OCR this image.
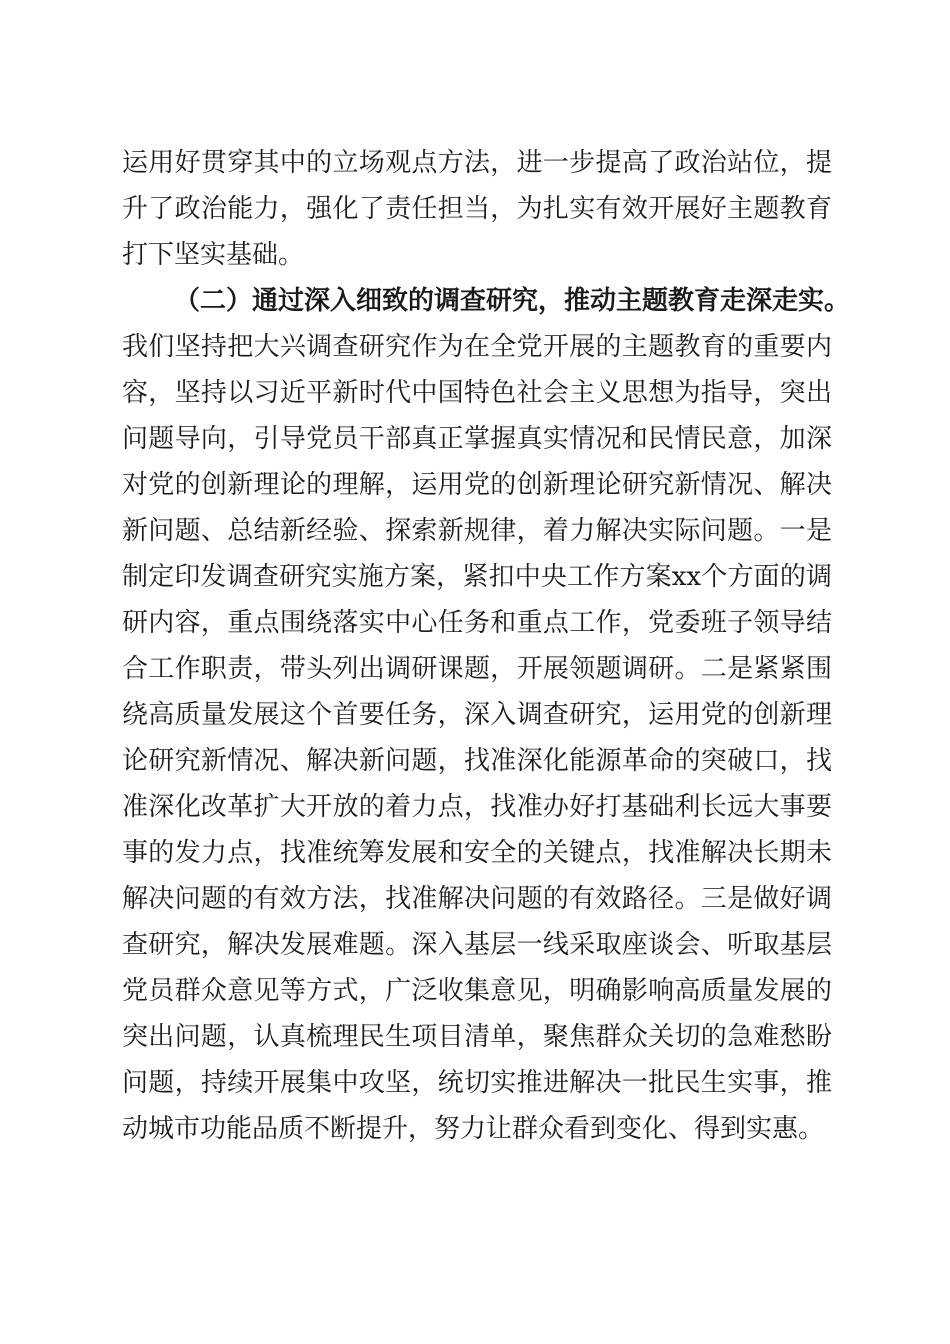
运用好贯穿其中的立场观点方法，进一步提高了政治站位，提
升了政治能力，强化了责任担当，为扎实有效开展好主题教育
打下坚实基础。
（二）通过深入细致的调查研究，推动主题教育走深走实。
我们坚持把大兴调查研究作为在全党开展的主题教育的重要内
容，坚持以习近平新时代中国特色社会主义思想为指导，突出
问题导向，引导党员干部真正掌握真实情况和民情民意，加深
对党的创新理论的理解，运用党的创新理论研究新情况、解决
新问题、总结新经验、探索新规律，着力解决实际问题。一是
制定印发调查研究实施方案，紧扣中央工作方案xx个方面的调
研内容，重点围绕落实中心任务和重点工作，党委班子领导结
合工作职责，带头列出调研课题，开展领题调研。二是紧紧围
绕高质量发展这个首要任务，深入调查研究，运用党的创新理
论研究新情况、解决新问题，找准深化能源革命的突破口，找
准深化改革扩大开放的着力点，找准办好打基础利长远大事要
事的发力点，找准统筹发展和安全的关键点，找准解决长期未
解决问题的有效方法，找准解决问题的有效路径。三是做好调
查研究，解决发展难题。深入基层一线采取座谈会、听取基层
党员群众意见等方式，广泛收集意见，明确影响高质量发展的
突出问题，认真梳理民生项目清单，聚焦群众关切的急难愁盼
问题，持续开展集中攻坚，统切实推进解决一批民生实事，推
动城市功能品质不断提升，努力让群众看到变化、得到实惠。
